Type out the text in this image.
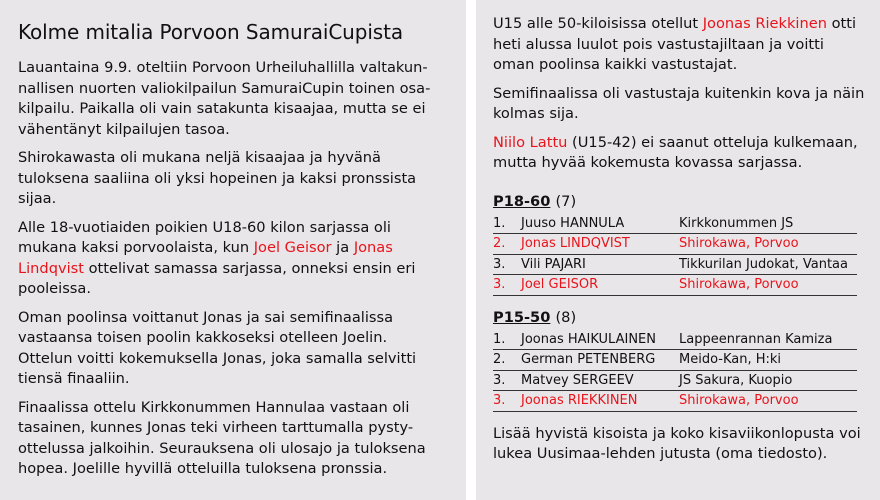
Kolme mitalia Porvoon SamuraiCupista

Lauantaina 9.9. oteltiin Porvoon Urheiluhallilla valtakun-nallisen nuorten valiokilpailun SamuraiCupin toinen osa-kilpailu. Paikalla oli vain satakunta kisaajaa, mutta se ei vähentänyt kilpailujen tasoa.

Shirokawasta oli mukana neljä kisaajaa ja hyvänä tuloksena saaliina oli yksi hopeinen ja kaksi pronssista sijaa.

Alle 18-vuotiaiden poikien U18-60 kilon sarjassa oli mukana kaksi porvoolaista, kun Joel Geisor ja Jonas Lindqvist ottelivat samassa sarjassa, onneksi ensin eri pooleissa.

Oman poolinsa voittanut Jonas ja sai semifinaalissa vastaansa toisen poolin kakkoseksi otelleen Joelin. Ottelun voitti kokemuksella Jonas, joka samalla selvitti tiensä finaaliin.

Finaalissa ottelu Kirkkonummen Hannulaa vastaan oli tasainen, kunnes Jonas teki virheen tarttumalla pysty-ottelussa jalkoihin. Seurauksena oli ulosajo ja tuloksena hopea. Joelille hyvillä otteluilla tuloksena pronssia.

U15 alle 50-kiloisissa otellut Joonas Riekkinen otti heti alussa luulot pois vastustajiltaan ja voitti oman poolinsa kaikki vastustajat.

Semifinaalissa oli vastustaja kuitenkin kova ja näin kolmas sija.

Niilo Lattu (U15-42) ei saanut otteluja kulkemaan, mutta hyvää kokemusta kovassa sarjassa.

P18-60 (7)
1.	Juuso HANNULA	Kirkkonummen JS
2.	Jonas LINDQVIST	Shirokawa, Porvoo
3.	Vili PAJARI	Tikkurilan Judokat, Vantaa
3.	Joel GEISOR	Shirokawa, Porvoo
P15-50 (8)
1.	Joonas HAIKULAINEN	Lappeenrannan Kamiza
2.	German PETENBERG	Meido-Kan, H:ki
3.	Matvey SERGEEV	JS Sakura, Kuopio
3.	Joonas RIEKKINEN	Shirokawa, Porvoo

Lisää hyvistä kisoista ja koko kisaviikonlopusta voi lukea Uusimaa-lehden jutusta (oma tiedosto).
